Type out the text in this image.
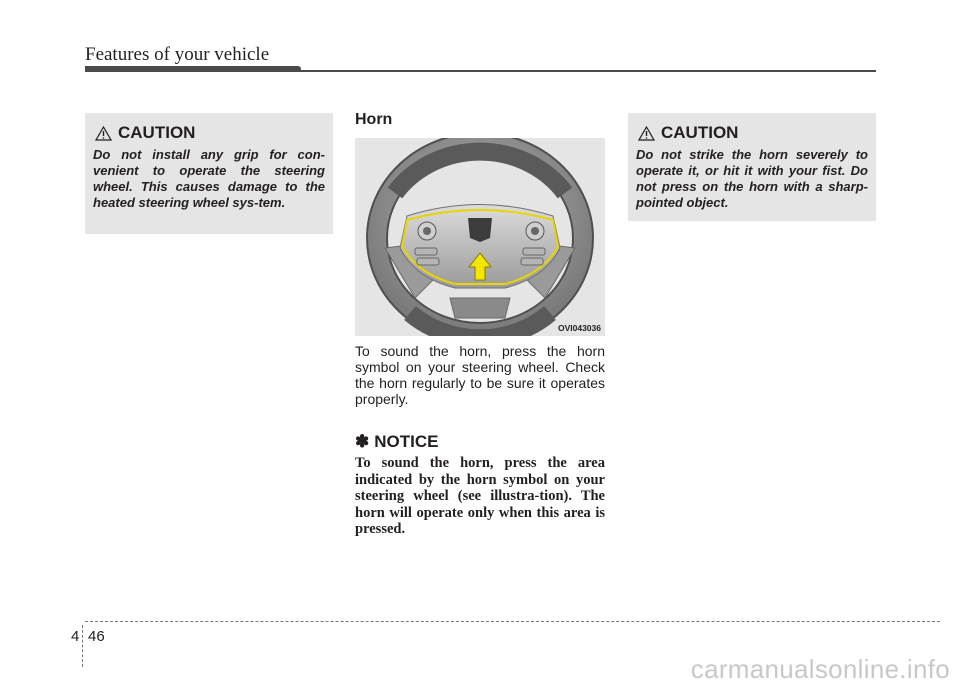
Features of your vehicle
CAUTION
Do not install any grip for con-venient to operate the steering wheel. This causes damage to the heated steering wheel sys-tem.
Horn
OVI043036
To sound the horn, press the horn symbol on your steering wheel. Check the horn regularly to be sure it operates properly.
✽ NOTICE
To sound the horn, press the area indicated by the horn symbol on your steering wheel (see illustra-tion). The horn will operate only when this area is pressed.
CAUTION
Do not strike the horn severely to operate it, or hit it with your fist. Do not press on the horn with a sharp-pointed object.
4 46
carmanualsonline.info
